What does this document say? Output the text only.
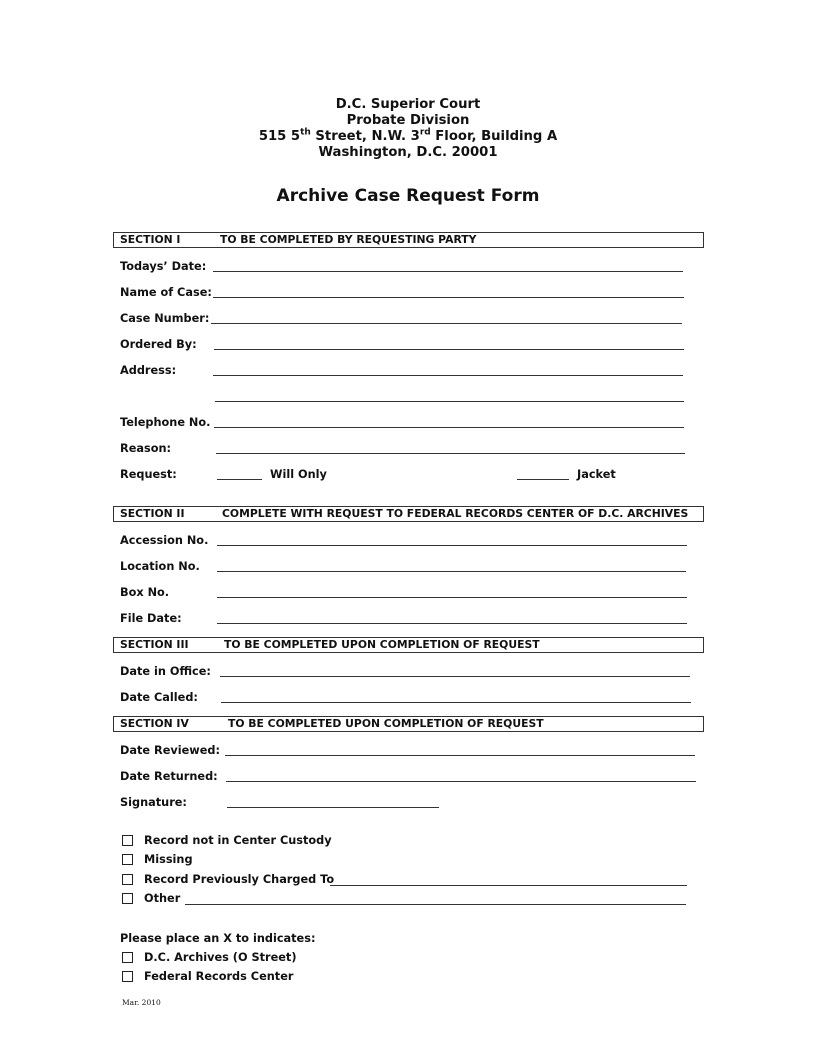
D.C. Superior Court
Probate Division
515 5th Street, N.W. 3rd Floor, Building A
Washington, D.C. 20001
Archive Case Request Form
SECTION I	TO BE COMPLETED BY REQUESTING PARTY
Todays’ Date:
Name of Case:
Case Number:
Ordered By:
Address:
Telephone No.
Reason:
Request:	Will Only	Jacket
SECTION II	COMPLETE WITH REQUEST TO FEDERAL RECORDS CENTER OF D.C. ARCHIVES
Accession No.
Location No.
Box No.
File Date:
SECTION III	TO BE COMPLETED UPON COMPLETION OF REQUEST
Date in Office:
Date Called:
SECTION IV	TO BE COMPLETED UPON COMPLETION OF REQUEST
Date Reviewed:
Date Returned:
Signature:
Record not in Center Custody
Missing
Record Previously Charged To
Other
Please place an X to indicates:
D.C. Archives (O Street)
Federal Records Center
Mar. 2010
